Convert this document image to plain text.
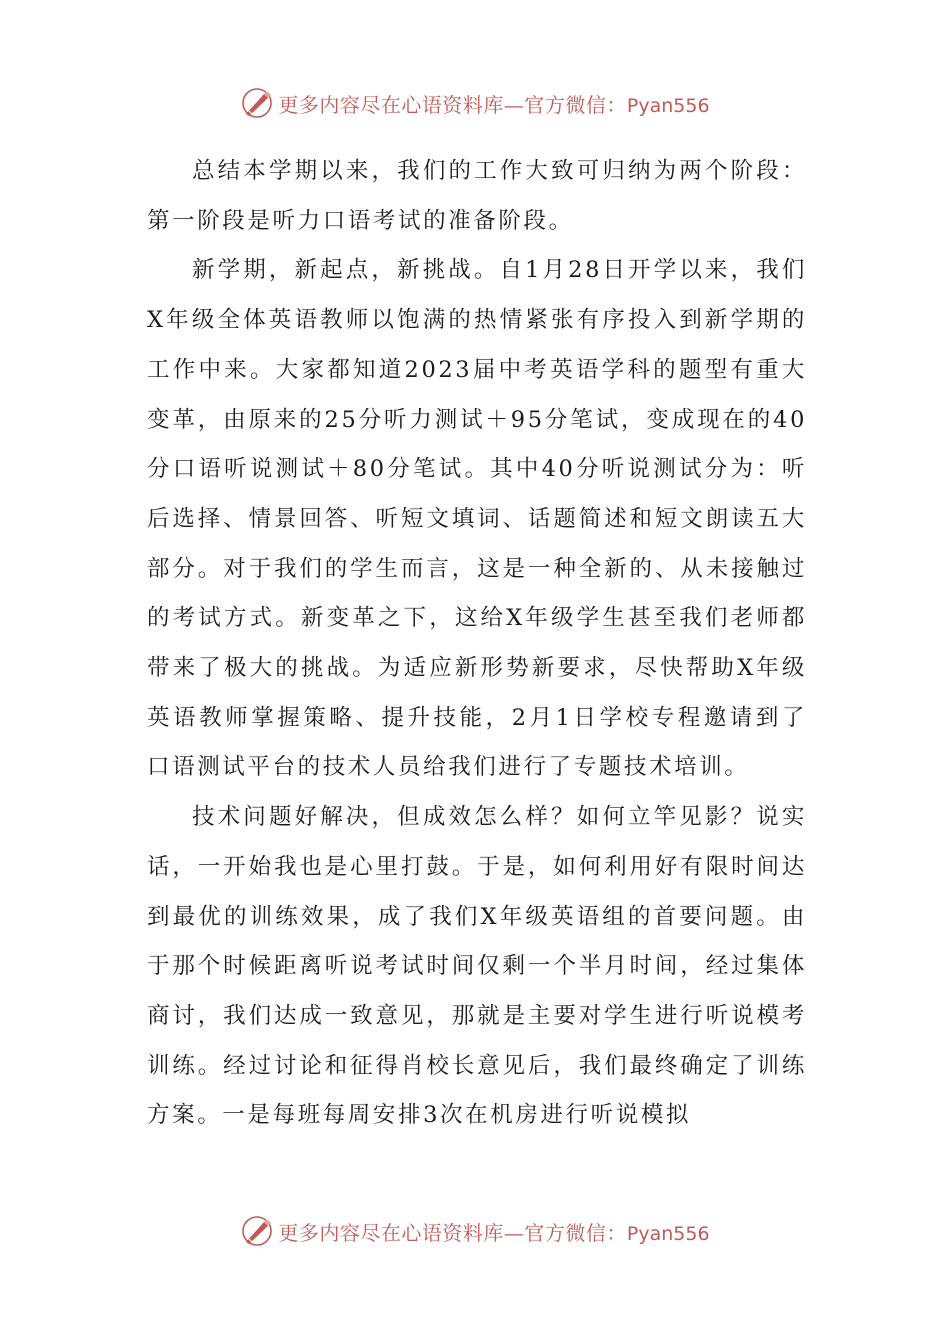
更多内容尽在心语资料库—官方微信：Pyan556

总结本学期以来，我们的工作大致可归纳为两个阶段：第一阶段是听力口语考试的准备阶段。

新学期，新起点，新挑战。自1月28日开学以来，我们X年级全体英语教师以饱满的热情紧张有序投入到新学期的工作中来。大家都知道2023届中考英语学科的题型有重大变革，由原来的25分听力测试＋95分笔试，变成现在的40分口语听说测试＋80分笔试。其中40分听说测试分为：听后选择、情景回答、听短文填词、话题简述和短文朗读五大部分。对于我们的学生而言，这是一种全新的、从未接触过的考试方式。新变革之下，这给X年级学生甚至我们老师都带来了极大的挑战。为适应新形势新要求，尽快帮助X年级英语教师掌握策略、提升技能，2月1日学校专程邀请到了口语测试平台的技术人员给我们进行了专题技术培训。

技术问题好解决，但成效怎么样？如何立竿见影？说实话，一开始我也是心里打鼓。于是，如何利用好有限时间达到最优的训练效果，成了我们X年级英语组的首要问题。由于那个时候距离听说考试时间仅剩一个半月时间，经过集体商讨，我们达成一致意见，那就是主要对学生进行听说模考训练。经过讨论和征得肖校长意见后，我们最终确定了训练方案。一是每班每周安排3次在机房进行听说模拟

更多内容尽在心语资料库—官方微信：Pyan556
